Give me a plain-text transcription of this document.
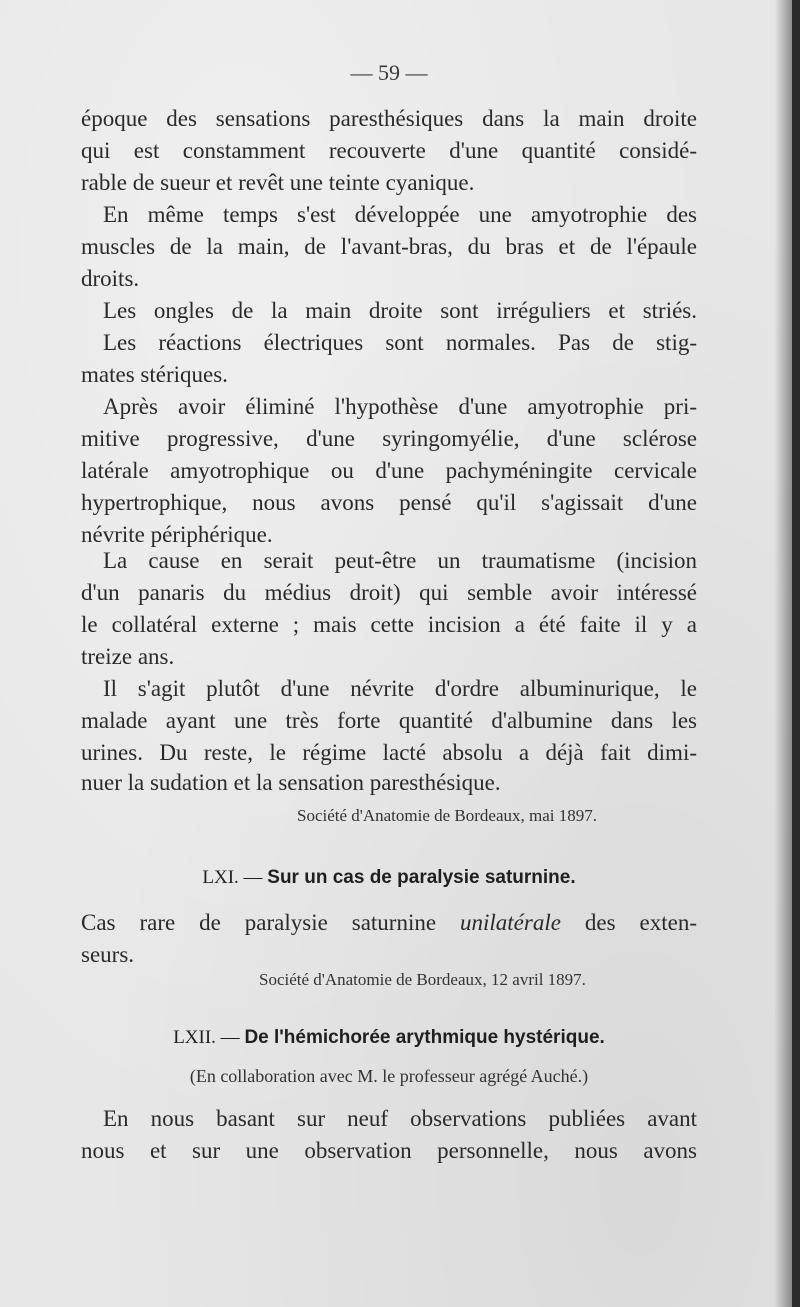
— 59 —
époque des sensations paresthésiques dans la main droite
qui est constamment recouverte d'une quantité considé-
rable de sueur et revêt une teinte cyanique.
En même temps s'est développée une amyotrophie des
muscles de la main, de l'avant-bras, du bras et de l'épaule
droits.
Les ongles de la main droite sont irréguliers et striés.
Les réactions électriques sont normales. Pas de stig-
mates stériques.
Après avoir éliminé l'hypothèse d'une amyotrophie pri-
mitive progressive, d'une syringomyélie, d'une sclérose
latérale amyotrophique ou d'une pachyméningite cervicale
hypertrophique, nous avons pensé qu'il s'agissait d'une
névrite périphérique.
La cause en serait peut-être un traumatisme (incision
d'un panaris du médius droit) qui semble avoir intéressé
le collatéral externe ; mais cette incision a été faite il y a
treize ans.
Il s'agit plutôt d'une névrite d'ordre albuminurique, le
malade ayant une très forte quantité d'albumine dans les
urines. Du reste, le régime lacté absolu a déjà fait dimi-
nuer la sudation et la sensation paresthésique.
Société d'Anatomie de Bordeaux, mai 1897.
LXI. — Sur un cas de paralysie saturnine.
Cas rare de paralysie saturnine unilatérale des exten-
seurs.
Société d'Anatomie de Bordeaux, 12 avril 1897.
LXII. — De l'hémichorée arythmique hystérique.
(En collaboration avec M. le professeur agrégé Auché.)
En nous basant sur neuf observations publiées avant
nous et sur une observation personnelle, nous avons
